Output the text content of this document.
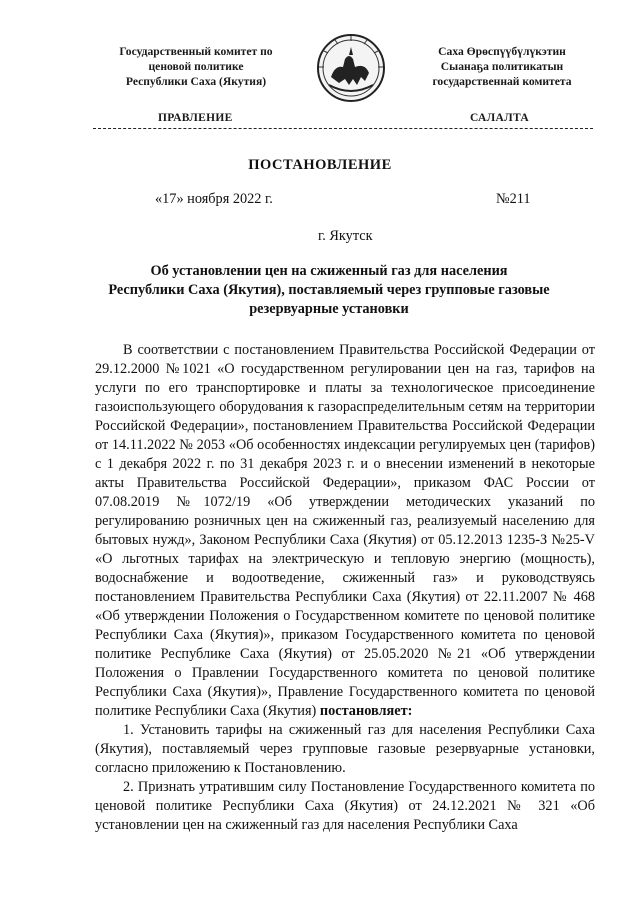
Государственный комитет по
ценовой политике
Республики Саха (Якутия)
Саха Өрөспүүбүлүкэтин
Сыанаҕа политикатын
государственнай комитета
ПРАВЛЕНИЕ	САЛАЛТА
ПОСТАНОВЛЕНИЕ
«17» ноября 2022 г.	№211
г. Якутск
Об установлении цен на сжиженный газ для населения
Республики Саха (Якутия), поставляемый через групповые газовые
резервуарные установки

В соответствии с постановлением Правительства Российской Федерации от 29.12.2000 №1021 «О государственном регулировании цен на газ, тарифов на услуги по его транспортировке и платы за технологическое присоединение газоиспользующего оборудования к газораспределительным сетям на территории Российской Федерации», постановлением Правительства Российской Федерации от 14.11.2022 № 2053 «Об особенностях индексации регулируемых цен (тарифов) с 1 декабря 2022 г. по 31 декабря 2023 г. и о внесении изменений в некоторые акты Правительства Российской Федерации», приказом ФАС России от 07.08.2019 №1072/19 «Об утверждении методических указаний по регулированию розничных цен на сжиженный газ, реализуемый населению для бытовых нужд», Законом Республики Саха (Якутия) от 05.12.2013 1235-З №25-V «О льготных тарифах на электрическую и тепловую энергию (мощность), водоснабжение и водоотведение, сжиженный газ» и руководствуясь постановлением Правительства Республики Саха (Якутия) от 22.11.2007 № 468 «Об утверждении Положения о Государственном комитете по ценовой политике Республики Саха (Якутия)», приказом Государственного комитета по ценовой политике Республике Саха (Якутия) от 25.05.2020 №21 «Об утверждении Положения о Правлении Государственного комитета по ценовой политике Республики Саха (Якутия)», Правление Государственного комитета по ценовой политике Республики Саха (Якутия) постановляет:

1. Установить тарифы на сжиженный газ для населения Республики Саха (Якутия), поставляемый через групповые газовые резервуарные установки, согласно приложению к Постановлению.

2. Признать утратившим силу Постановление Государственного комитета по ценовой политике Республики Саха (Якутия) от 24.12.2021 № 321 «Об установлении цен на сжиженный газ для населения Республики Саха
